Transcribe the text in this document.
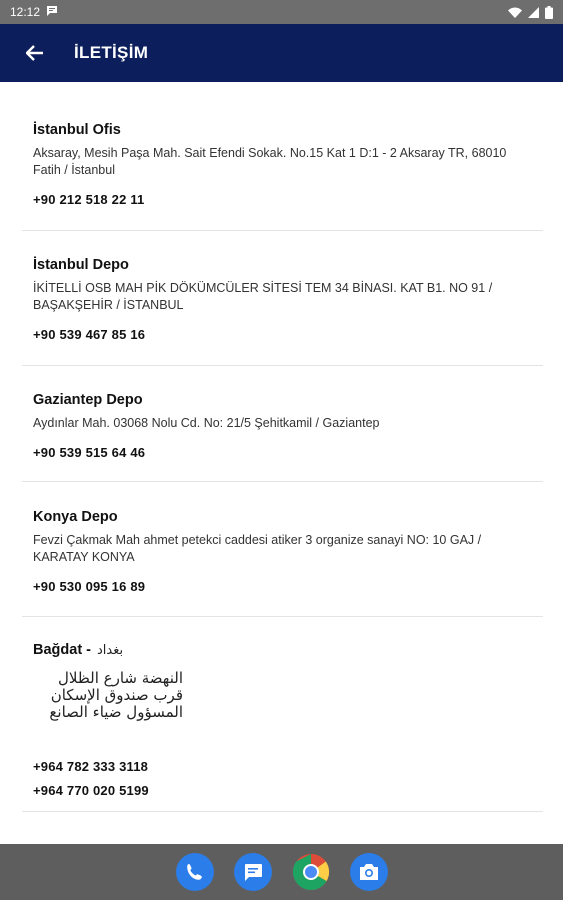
12:12
İLETİŞİM
İstanbul Ofis
Aksaray, Mesih Paşa Mah. Sait Efendi Sokak. No.15 Kat 1 D:1 - 2 Aksaray TR, 68010 Fatih / İstanbul
+90 212 518 22 11
İstanbul Depo
İKİTELLİ OSB MAH PİK DÖKÜMCÜLER SİTESİ TEM 34 BİNASI. KAT B1. NO 91 / BAŞAKŞEHİR / İSTANBUL
+90 539 467 85 16
Gaziantep Depo
Aydınlar Mah. 03068 Nolu Cd. No: 21/5 Şehitkamil / Gaziantep
+90 539 515 64 46
Konya Depo
Fevzi Çakmak Mah ahmet petekci caddesi atiker 3 organize sanayi NO: 10 GAJ / KARATAY KONYA
+90 530 095 16 89
Bağdat - بغداد
النهضة شارع الظلال
قرب صندوق الإسكان
المسؤول ضياء الصانع
+964 782 333 3118
+964 770 020 5199
